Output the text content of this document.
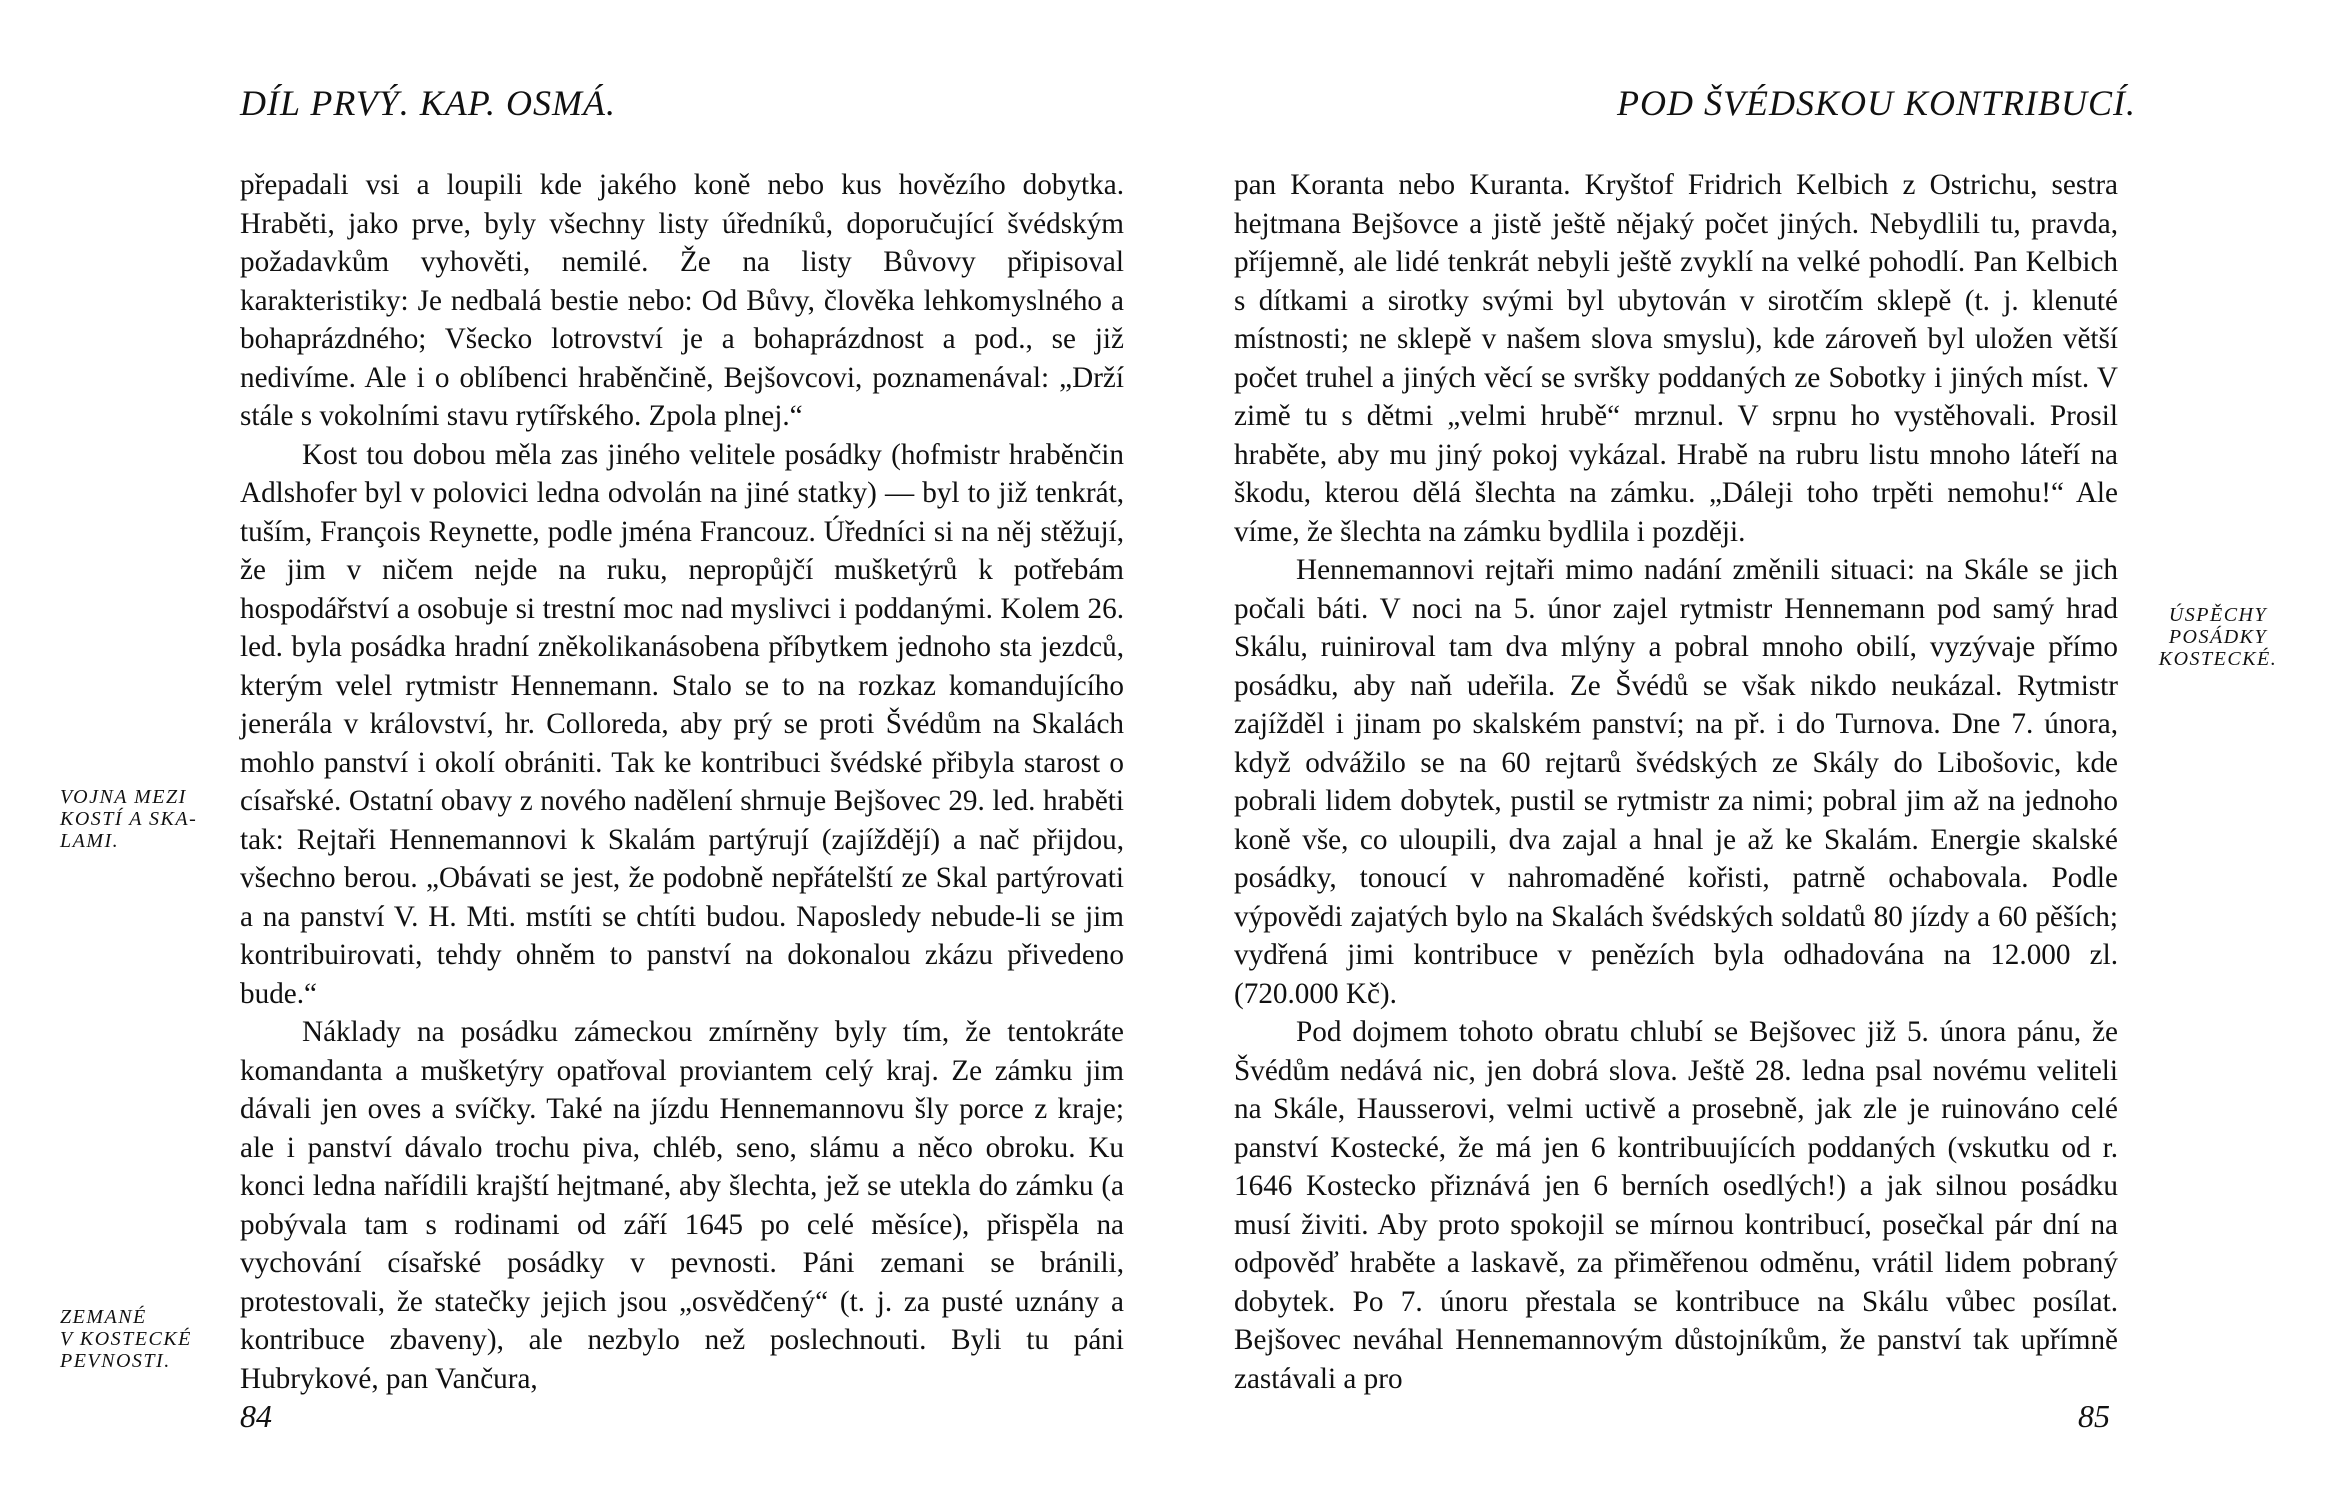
DÍL PRVÝ. KAP. OSMÁ.

přepadali vsi a loupili kde jakého koně nebo kus hovězího dobytka. Hraběti, jako prve, byly všechny listy úředníků, doporučující švédským požadavkům vyhověti, nemilé. Že na listy Bůvovy připisoval karakteristiky: Je nedbalá bestie nebo: Od Bůvy, člověka lehkomyslného a bohaprázdného; Všecko lotrovství je a bohaprázdnost a pod., se již nedivíme. Ale i o oblíbenci hraběnčině, Bejšovcovi, poznamenával: „Drží stále s vokolními stavu rytířského. Zpola plnej.“

Kost tou dobou měla zas jiného velitele posádky (hofmistr hraběnčin Adlshofer byl v polovici ledna odvolán na jiné statky) — byl to již tenkrát, tuším, François Reynette, podle jména Francouz. Úředníci si na něj stěžují, že jim v ničem nejde na ruku, nepropůjčí mušketýrů k potřebám hospodářství a osobuje si trestní moc nad myslivci i poddanými. Kolem 26. led. byla posádka hradní zněkolikanásobena příbytkem jednoho sta jezdců, kterým velel rytmistr Hennemann. Stalo se to na rozkaz komandujícího jenerála v království, hr. Colloreda, aby prý se proti Švédům na Skalách mohlo panství i okolí obrániti. Tak ke kontribuci švédské přibyla starost o císařské. Ostatní obavy z nového nadělení shrnuje Bejšovec 29. led. hraběti tak: Rejtaři Hennemannovi k Skalám partýrují (zajíždějí) a nač přijdou, všechno berou. „Obávati se jest, že podobně nepřátelští ze Skal partýrovati a na panství V. H. Mti. mstíti se chtíti budou. Naposledy nebude-li se jim kontribuirovati, tehdy ohněm to panství na dokonalou zkázu přivedeno bude.“

Náklady na posádku zámeckou zmírněny byly tím, že tentokráte komandanta a mušketýry opatřoval proviantem celý kraj. Ze zámku jim dávali jen oves a svíčky. Také na jízdu Hennemannovu šly porce z kraje; ale i panství dávalo trochu piva, chléb, seno, slámu a něco obroku. Ku konci ledna nařídili krajští hejtmané, aby šlechta, jež se utekla do zámku (a pobývala tam s rodinami od září 1645 po celé měsíce), přispěla na vychování císařské posádky v pevnosti. Páni zemani se bránili, protestovali, že statečky jejich jsou „osvědčený“ (t. j. za pusté uznány a kontribuce zbaveny), ale nezbylo než poslechnouti. Byli tu páni Hubrykové, pan Vančura,

VOJNA MEZI
KOSTÍ A SKA-
LAMI.
ZEMANÉ
V KOSTECKÉ
PEVNOSTI.
84
POD ŠVÉDSKOU KONTRIBUCÍ.

pan Koranta nebo Kuranta. Kryštof Fridrich Kelbich z Ostrichu, sestra hejtmana Bejšovce a jistě ještě nějaký počet jiných. Nebydlili tu, pravda, příjemně, ale lidé tenkrát nebyli ještě zvyklí na velké pohodlí. Pan Kelbich s dítkami a sirotky svými byl ubytován v sirotčím sklepě (t. j. klenuté místnosti; ne sklepě v našem slova smyslu), kde zároveň byl uložen větší počet truhel a jiných věcí se svršky poddaných ze Sobotky i jiných míst. V zimě tu s dětmi „velmi hrubě“ mrznul. V srpnu ho vystěhovali. Prosil hraběte, aby mu jiný pokoj vykázal. Hrabě na rubru listu mnoho láteří na škodu, kterou dělá šlechta na zámku. „Dáleji toho trpěti nemohu!“ Ale víme, že šlechta na zámku bydlila i později.

Hennemannovi rejtaři mimo nadání změnili situaci: na Skále se jich počali báti. V noci na 5. únor zajel rytmistr Hennemann pod samý hrad Skálu, ruiniroval tam dva mlýny a pobral mnoho obilí, vyzývaje přímo posádku, aby naň udeřila. Ze Švédů se však nikdo neukázal. Rytmistr zajížděl i jinam po skalském panství; na př. i do Turnova. Dne 7. února, když odvážilo se na 60 rejtarů švédských ze Skály do Libošovic, kde pobrali lidem dobytek, pustil se rytmistr za nimi; pobral jim až na jednoho koně vše, co uloupili, dva zajal a hnal je až ke Skalám. Energie skalské posádky, tonoucí v nahromaděné kořisti, patrně ochabovala. Podle výpovědi zajatých bylo na Skalách švédských soldatů 80 jízdy a 60 pěších; vydřená jimi kontribuce v penězích byla odhadována na 12.000 zl. (720.000 Kč).

Pod dojmem tohoto obratu chlubí se Bejšovec již 5. února pánu, že Švédům nedává nic, jen dobrá slova. Ještě 28. ledna psal novému veliteli na Skále, Hausserovi, velmi uctivě a prosebně, jak zle je ruinováno celé panství Kostecké, že má jen 6 kontribuujících poddaných (vskutku od r. 1646 Kostecko přiznává jen 6 berních osedlých!) a jak silnou posádku musí živiti. Aby proto spokojil se mírnou kontribucí, posečkal pár dní na odpověď hraběte a laskavě, za přiměřenou odměnu, vrátil lidem pobraný dobytek. Po 7. únoru přestala se kontribuce na Skálu vůbec posílat. Bejšovec neváhal Hennemannovým důstojníkům, že panství tak upřímně zastávali a pro

ÚSPĚCHY
POSÁDKY
KOSTECKÉ.
85
